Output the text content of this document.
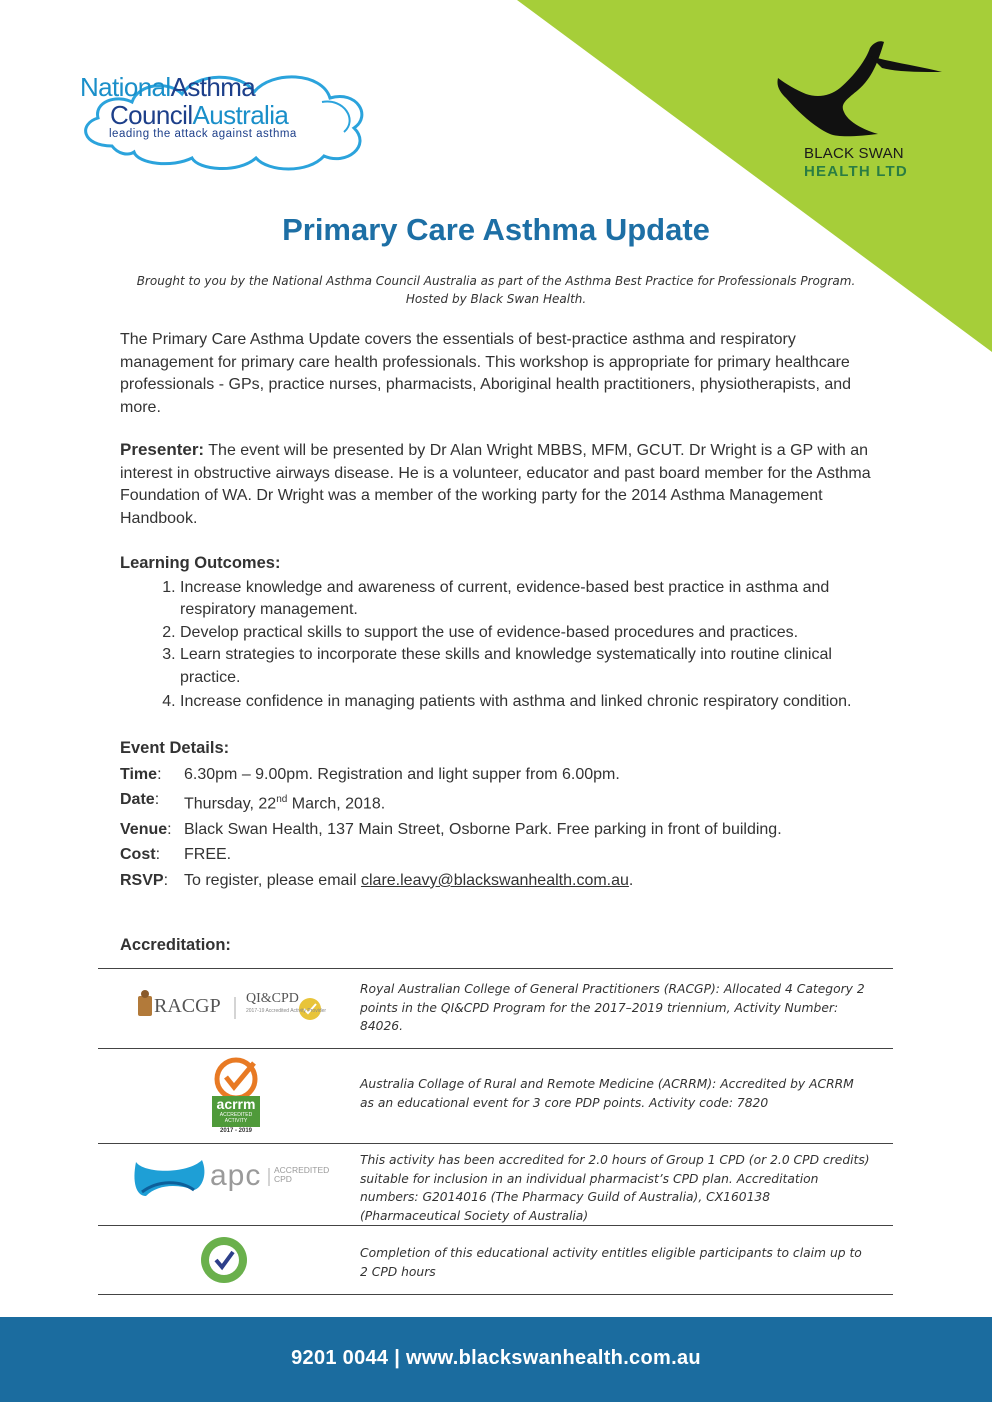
NationalAsthma
CouncilAustralia
leading the attack against asthma
BLACK SWAN
HEALTH LTD
Primary Care Asthma Update
Brought to you by the National Asthma Council Australia as part of the Asthma Best Practice for Professionals Program.
Hosted by Black Swan Health.

The Primary Care Asthma Update covers the essentials of best-practice asthma and respiratory management for primary care health professionals. This workshop is appropriate for primary healthcare professionals - GPs, practice nurses, pharmacists, Aboriginal health practitioners, physiotherapists, and more.

Presenter: The event will be presented by Dr Alan Wright MBBS, MFM, GCUT. Dr Wright is a GP with an interest in obstructive airways disease. He is a volunteer, educator and past board member for the Asthma Foundation of WA. Dr Wright was a member of the working party for the 2014 Asthma Management Handbook.

Learning Outcomes:

1. Increase knowledge and awareness of current, evidence-based best practice in asthma and respiratory management.
2. Develop practical skills to support the use of evidence-based procedures and practices.
3. Learn strategies to incorporate these skills and knowledge systematically into routine clinical practice.
4. Increase confidence in managing patients with asthma and linked chronic respiratory condition.

Event Details:

Time:	6.30pm – 9.00pm. Registration and light supper from 6.00pm.
Date:	Thursday, 22nd March, 2018.
Venue: Black Swan Health, 137 Main Street, Osborne Park. Free parking in front of building.
Cost:	FREE.
RSVP: To register, please email clare.leavy@blackswanhealth.com.au.

Accreditation:

RACGP QI&CPD
2017-19 Accredited Activity Provider
Royal Australian College of General Practitioners (RACGP): Allocated 4 Category 2 points in the QI&CPD Program for the 2017–2019 triennium, Activity Number: 84026.
acrrm
ACCREDITED
ACTIVITY
2017 - 2019
Australia Collage of Rural and Remote Medicine (ACRRM): Accredited by ACRRM as an educational event for 3 core PDP points. Activity code: 7820
apc ACCREDITED
CPD
This activity has been accredited for 2.0 hours of Group 1 CPD (or 2.0 CPD credits) suitable for inclusion in an individual pharmacist’s CPD plan. Accreditation numbers: G2014016 (The Pharmacy Guild of Australia), CX160138 (Pharmaceutical Society of Australia)
Completion of this educational activity entitles eligible participants to claim up to 2 CPD hours
9201 0044 | www.blackswanhealth.com.au
